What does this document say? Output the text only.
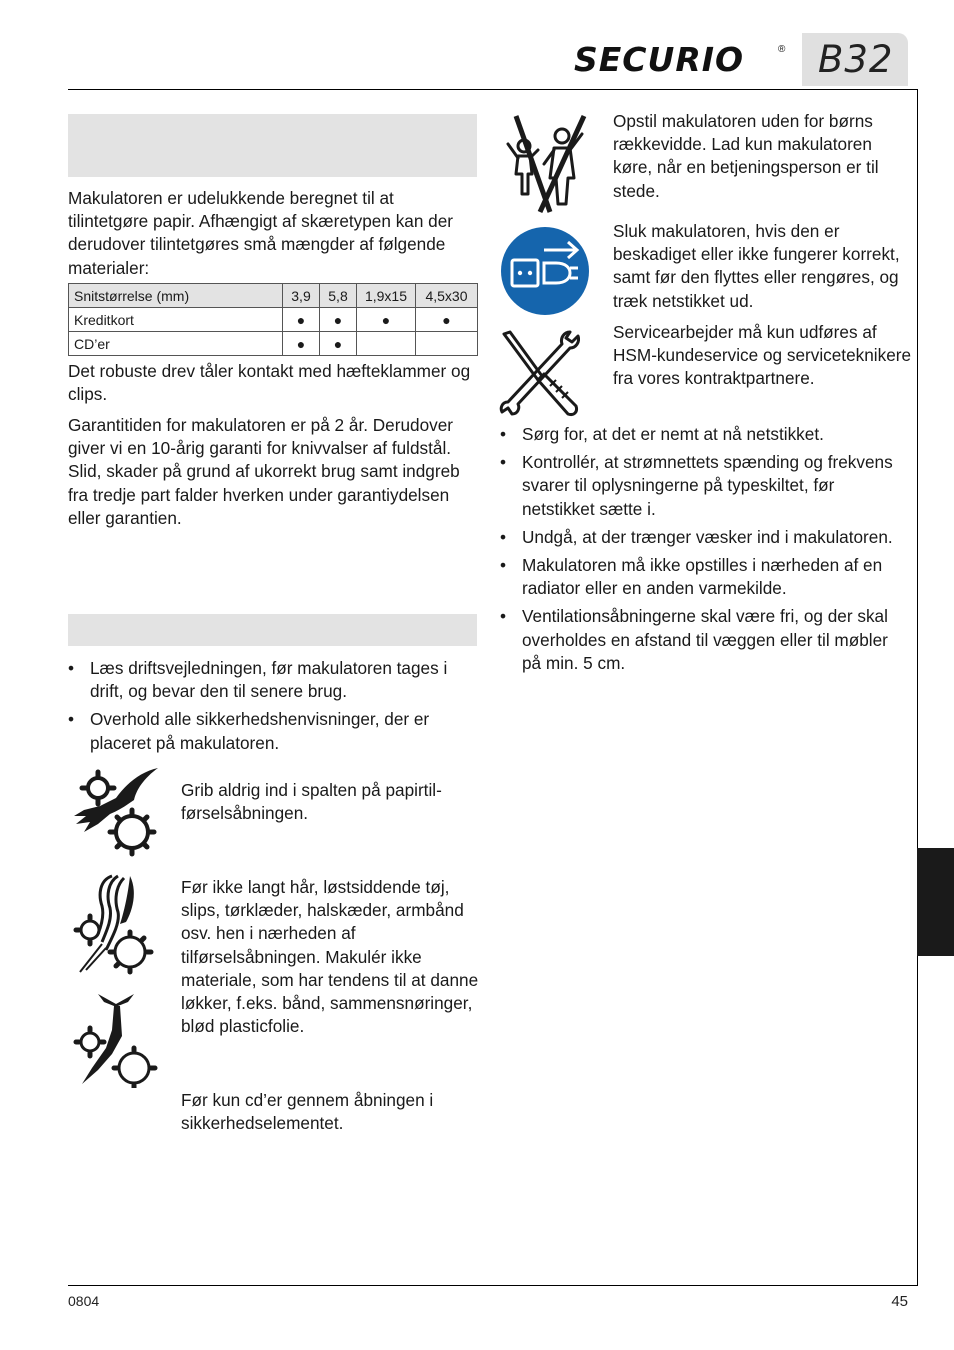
SECURIO	® B32
Makulatoren er udelukkende beregnet til at tilintetgøre papir. Afhængigt af skæretypen kan der derudover tilintetgøres små mængder af følgende materialer:
Snitstørrelse (mm)	3,9	5,8	1,9x15	4,5x30
Kreditkort	●	●	●	●
CD’er	●	●		
Det robuste drev tåler kontakt med hæfteklammer og clips.
Garantitiden for makulatoren er på 2 år. Derudover giver vi en 10-årig garanti for knivvalser af fuldstål. Slid, skader på grund af ukorrekt brug samt indgreb fra tredje part falder hverken under garantiydelsen eller garantien.
• Læs driftsvejledningen, før makulatoren tages i drift, og bevar den til senere brug.
• Overhold alle sikkerhedshenvisninger, der er placeret på makulatoren.
Grib aldrig ind i spalten på papirtilførselsåbningen.
Før ikke langt hår, løstsiddende tøj, slips, tørklæder, halskæder, armbånd osv. hen i nærheden af tilførselsåbningen. Makulér ikke materiale, som har tendens til at danne løkker, f.eks. bånd, sammensnøringer, blød plasticfolie.
Før kun cd’er gennem åbningen i sikkerhedselementet.
Opstil makulatoren uden for børns rækkevidde. Lad kun makulatoren køre, når en betjeningsperson er til stede.
Sluk makulatoren, hvis den er beskadiget eller ikke fungerer korrekt, samt før den flyttes eller rengøres, og træk netstikket ud.
Servicearbejder må kun udføres af HSM-kundeservice og serviceteknikere fra vores kontraktpartnere.
• Sørg for, at det er nemt at nå netstikket.
• Kontrollér, at strømnettets spænding og frekvens svarer til oplysningerne på typeskiltet, før netstikket sætte i.
• Undgå, at der trænger væsker ind i makulatoren.
• Makulatoren må ikke opstilles i nærheden af en radiator eller en anden varmekilde.
• Ventilationsåbningerne skal være fri, og der skal overholdes en afstand til væggen eller til møbler på min. 5 cm.
0804	45
